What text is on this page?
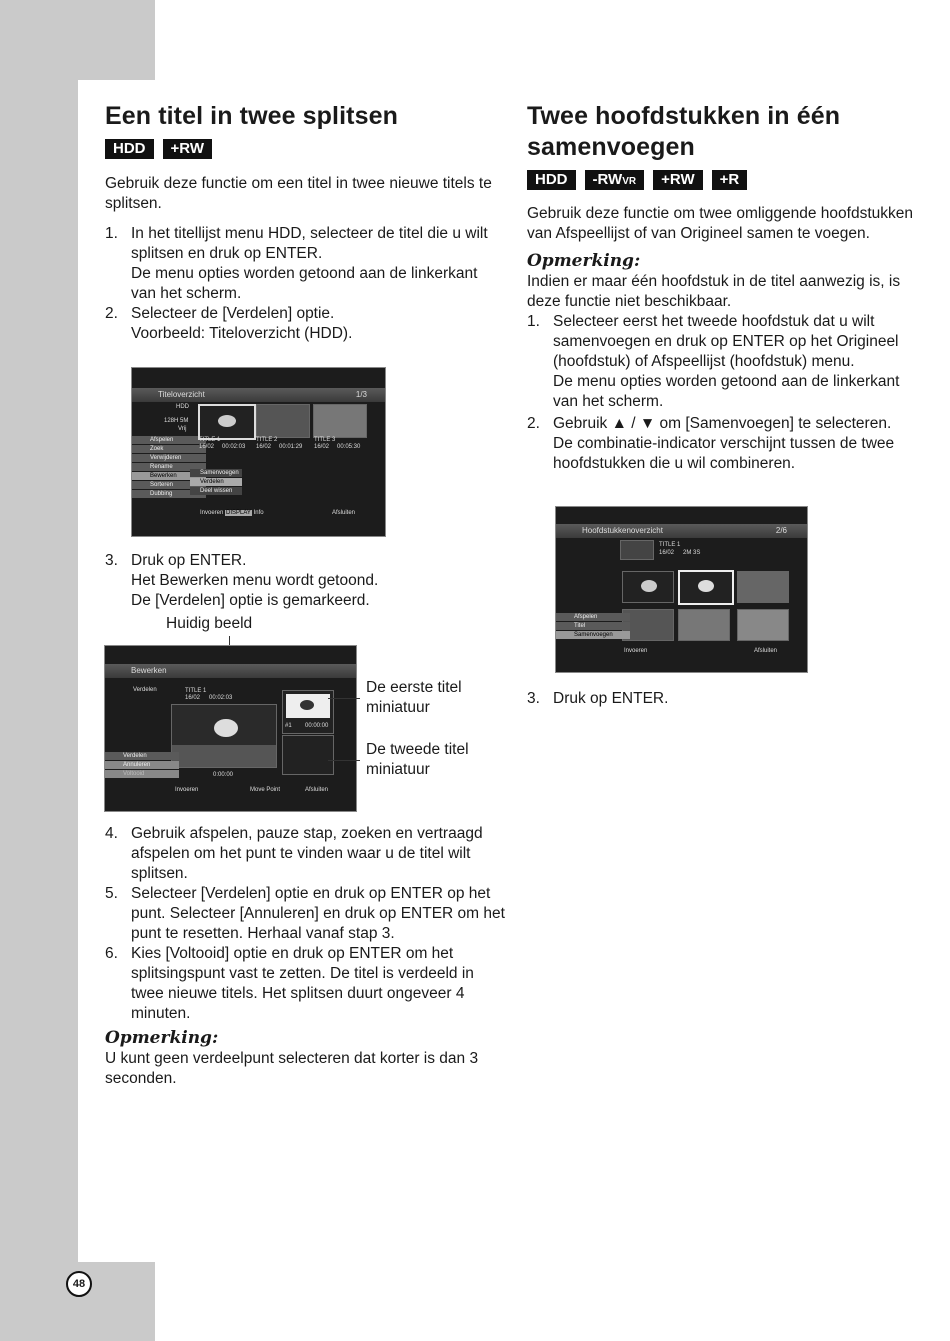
48
Een titel in twee splitsen
HDD	+RW

Gebruik deze functie om een titel in twee nieuwe titels te splitsen.

1. In het titellijst menu HDD, selecteer de titel die u wilt splitsen en druk op ENTER.
De menu opties worden getoond aan de linkerkant van het scherm.
2. Selecteer de [Verdelen] optie.
Voorbeeld: Titeloverzicht (HDD).
Titeloverzicht	1/3
HDD
128H 5M
Vrij
Afspelen
Zoek
Verwijderen
Rename
Bewerken
Sorteren
Dubbing
TITLE 1
16/02 00:02:03
TITLE 2
16/02 00:01:29
TITLE 3
16/02 00:05:30
Samenvoegen
Verdelen
Deel wissen
Invoeren DISPLAY Info	Afsluiten
3. Druk op ENTER.
Het Bewerken menu wordt getoond.
De [Verdelen] optie is gemarkeerd.
Huidig beeld
Bewerken
Verdelen	TITLE 1
16/02 00:02:03
0:00:00
#1 00:00:00
Verdelen
Annuleren
Voltooid
Invoeren	Move Point	Afsluiten
De eerste titel miniatuur
De tweede titel miniatuur
4. Gebruik afspelen, pauze stap, zoeken en vertraagd afspelen om het punt te vinden waar u de titel wilt splitsen.
5. Selecteer [Verdelen] optie en druk op ENTER op het punt. Selecteer [Annuleren] en druk op ENTER om het punt te resetten. Herhaal vanaf stap 3.
6. Kies [Voltooid] optie en druk op ENTER om het splitsingspunt vast te zetten. De titel is verdeeld in twee nieuwe titels. Het splitsen duurt ongeveer 4 minuten.
Opmerking:

U kunt geen verdeelpunt selecteren dat korter is dan 3 seconden.

Twee hoofdstukken in één
samenvoegen
HDD	-RWVR	+RW	+R

Gebruik deze functie om twee omliggende hoofdstukken van Afspeellijst of van Origineel samen te voegen.

Opmerking:

Indien er maar één hoofdstuk in de titel aanwezig is, is deze functie niet beschikbaar.

1. Selecteer eerst het tweede hoofdstuk dat u wilt samenvoegen en druk op ENTER op het Origineel (hoofdstuk) of Afspeellijst (hoofdstuk) menu.
De menu opties worden getoond aan de linkerkant van het scherm.
2. Gebruik ▲ / ▼ om [Samenvoegen] te selecteren.
De combinatie-indicator verschijnt tussen de twee hoofdstukken die u wil combineren.
Hoofdstukkenoverzicht	2/6
TITLE 1
16/02 2M 3S
Afspelen
Titel
Samenvoegen
Invoeren	Afsluiten
3. Druk op ENTER.
